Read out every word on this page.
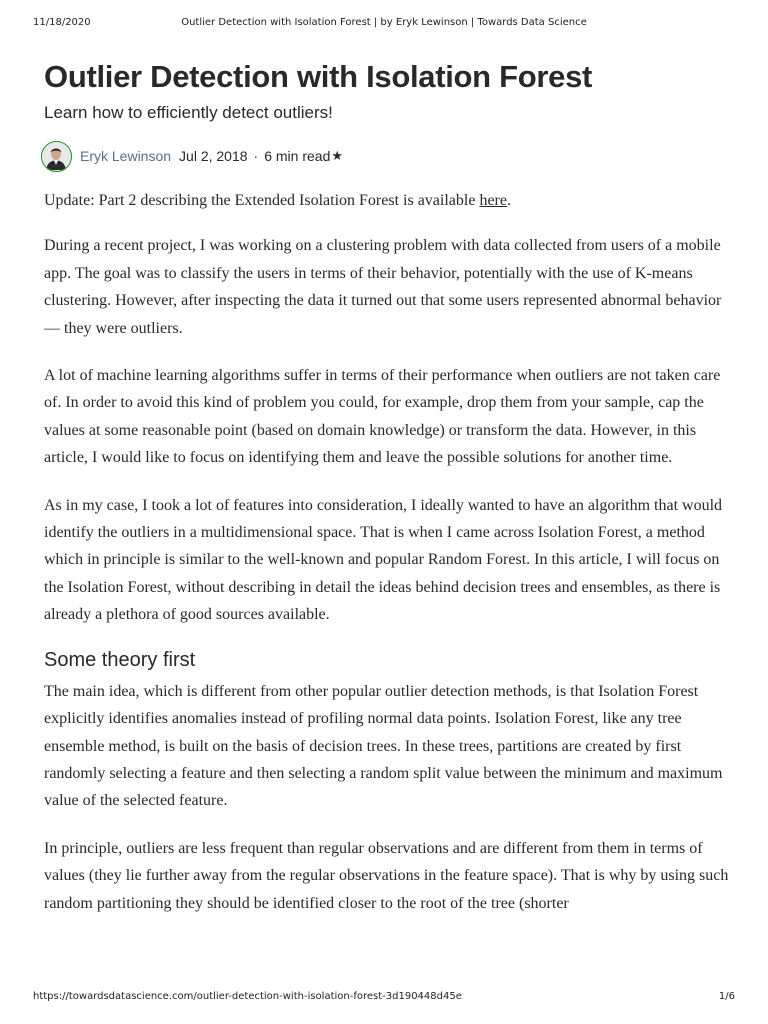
11/18/2020	Outlier Detection with Isolation Forest | by Eryk Lewinson | Towards Data Science
Outlier Detection with Isolation Forest
Learn how to efficiently detect outliers!
Eryk Lewinson Jul 2, 2018 · 6 min read ★

Update: Part 2 describing the Extended Isolation Forest is available here.

During a recent project, I was working on a clustering problem with data collected from users of a mobile app. The goal was to classify the users in terms of their behavior, potentially with the use of K-means clustering. However, after inspecting the data it turned out that some users represented abnormal behavior — they were outliers.

A lot of machine learning algorithms suffer in terms of their performance when outliers are not taken care of. In order to avoid this kind of problem you could, for example, drop them from your sample, cap the values at some reasonable point (based on domain knowledge) or transform the data. However, in this article, I would like to focus on identifying them and leave the possible solutions for another time.

As in my case, I took a lot of features into consideration, I ideally wanted to have an algorithm that would identify the outliers in a multidimensional space. That is when I came across Isolation Forest, a method which in principle is similar to the well-known and popular Random Forest. In this article, I will focus on the Isolation Forest, without describing in detail the ideas behind decision trees and ensembles, as there is already a plethora of good sources available.

Some theory first

The main idea, which is different from other popular outlier detection methods, is that Isolation Forest explicitly identifies anomalies instead of profiling normal data points. Isolation Forest, like any tree ensemble method, is built on the basis of decision trees. In these trees, partitions are created by first randomly selecting a feature and then selecting a random split value between the minimum and maximum value of the selected feature.

In principle, outliers are less frequent than regular observations and are different from them in terms of values (they lie further away from the regular observations in the feature space). That is why by using such random partitioning they should be identified closer to the root of the tree (shorter

https://towardsdatascience.com/outlier-detection-with-isolation-forest-3d190448d45e	1/6
